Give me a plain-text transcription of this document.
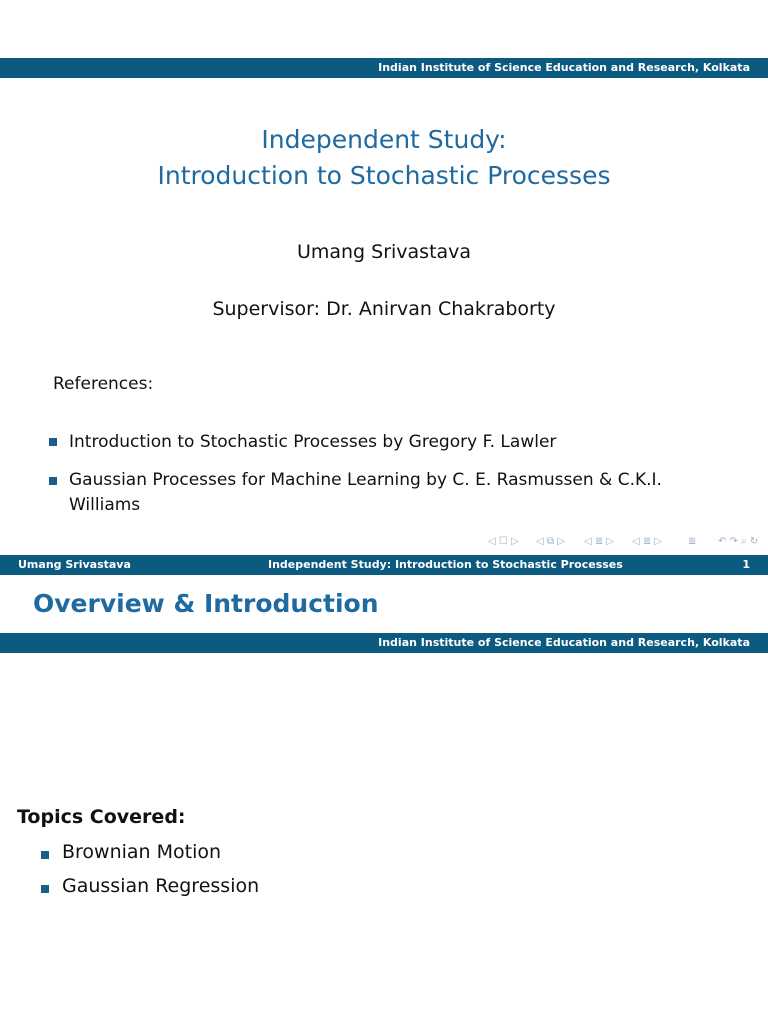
Indian Institute of Science Education and Research, Kolkata
Independent Study:
Introduction to Stochastic Processes
Umang Srivastava
Supervisor: Dr. Anirvan Chakraborty
References:
Introduction to Stochastic Processes by Gregory F. Lawler
Gaussian Processes for Machine Learning by C. E. Rasmussen & C.K.I.
Williams
◁ ☐ ▷ ◁ ⧉ ▷ ◁ ≣ ▷ ◁ ≣ ▷	≣ ↶ ↷ ⌕ ↻
Umang Srivastava	Independent Study: Introduction to Stochastic Processes	1
Overview & Introduction
Indian Institute of Science Education and Research, Kolkata
Topics Covered:
Brownian Motion
Gaussian Regression
